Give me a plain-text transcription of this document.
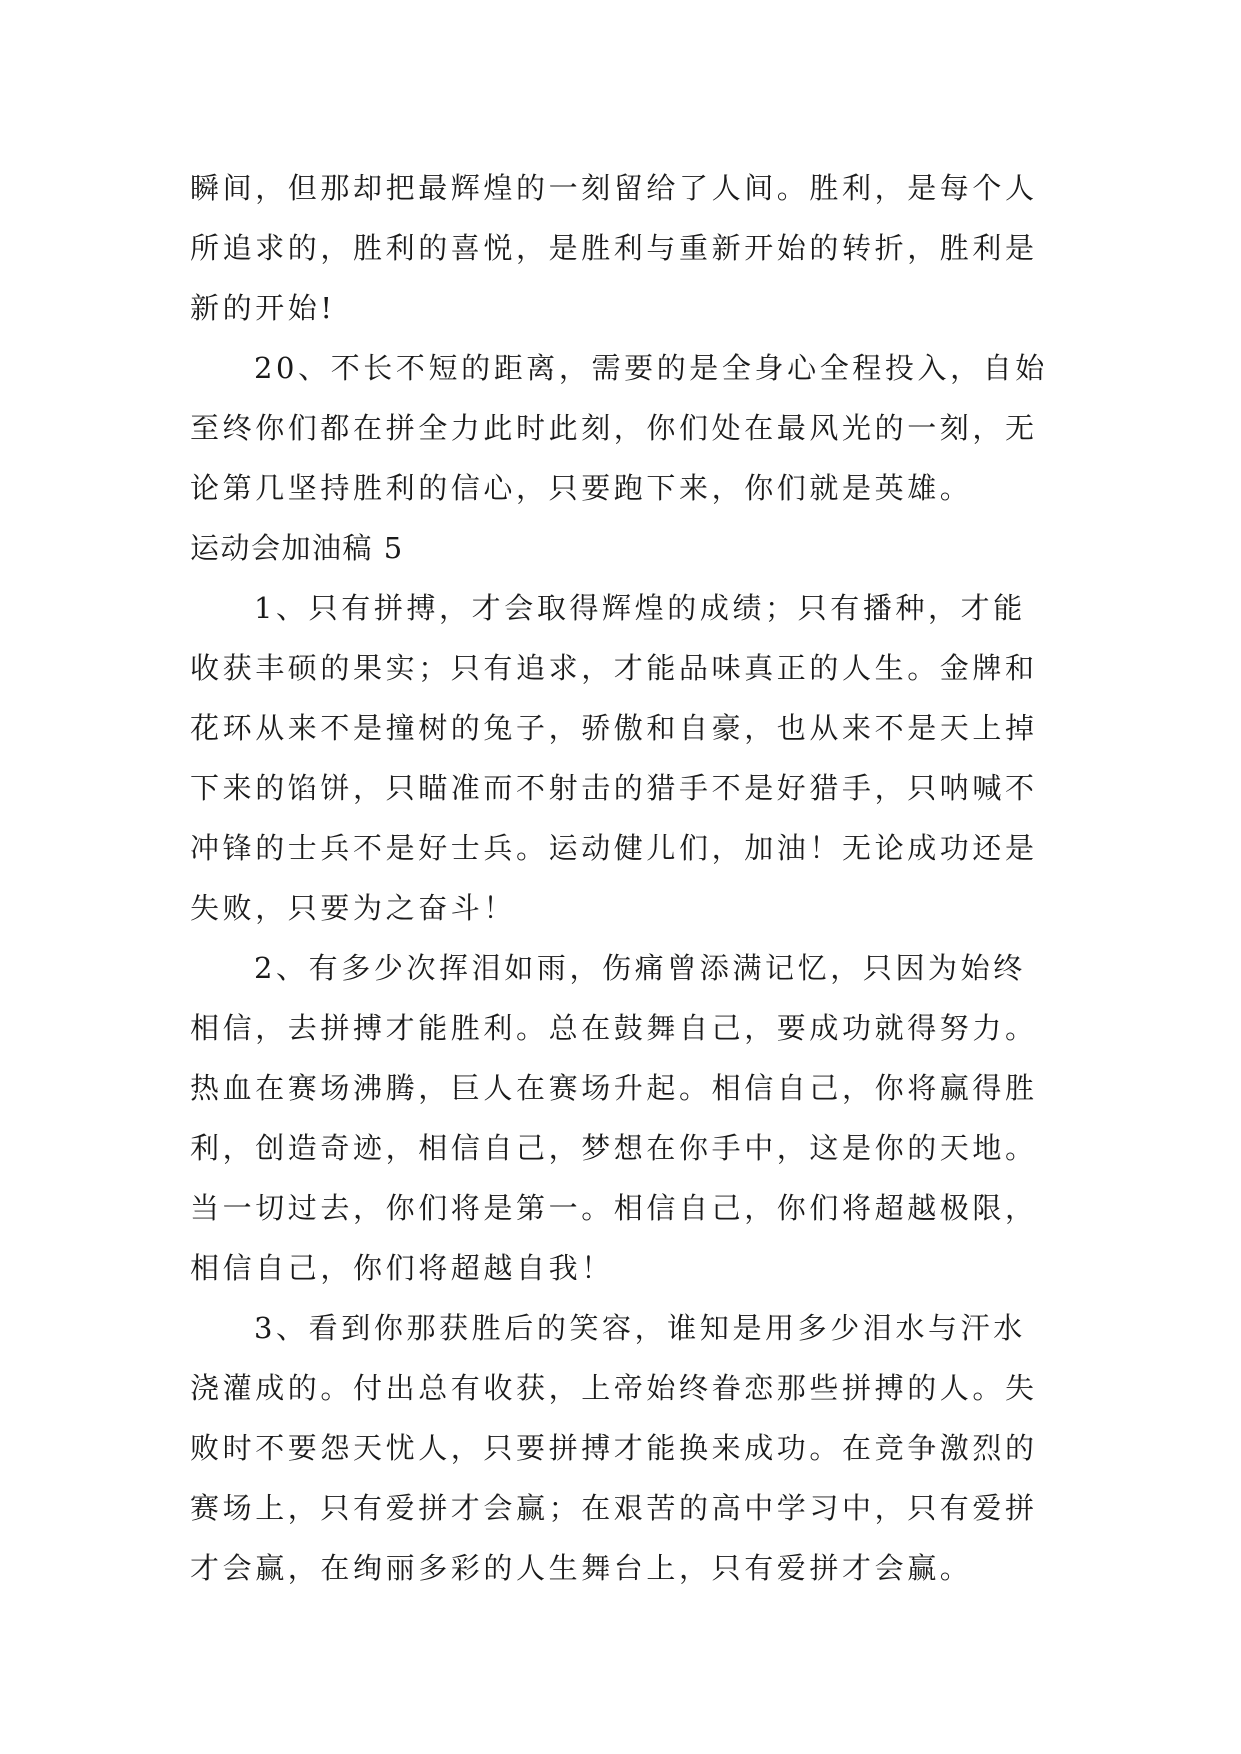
瞬间，但那却把最辉煌的一刻留给了人间。胜利，是每个人
所追求的，胜利的喜悦，是胜利与重新开始的转折，胜利是
新的开始!
20、不长不短的距离，需要的是全身心全程投入，自始
至终你们都在拼全力此时此刻，你们处在最风光的一刻，无
论第几坚持胜利的信心，只要跑下来，你们就是英雄。
运动会加油稿 5
1、只有拼搏，才会取得辉煌的成绩；只有播种，才能
收获丰硕的果实；只有追求，才能品味真正的人生。金牌和
花环从来不是撞树的兔子，骄傲和自豪，也从来不是天上掉
下来的馅饼，只瞄准而不射击的猎手不是好猎手，只呐喊不
冲锋的士兵不是好士兵。运动健儿们，加油！无论成功还是
失败，只要为之奋斗！
2、有多少次挥泪如雨，伤痛曾添满记忆，只因为始终
相信，去拼搏才能胜利。总在鼓舞自己，要成功就得努力。
热血在赛场沸腾，巨人在赛场升起。相信自己，你将赢得胜
利，创造奇迹，相信自己，梦想在你手中，这是你的天地。
当一切过去，你们将是第一。相信自己，你们将超越极限，
相信自己，你们将超越自我！
3、看到你那获胜后的笑容，谁知是用多少泪水与汗水
浇灌成的。付出总有收获，上帝始终眷恋那些拼搏的人。失
败时不要怨天忧人，只要拼搏才能换来成功。在竞争激烈的
赛场上，只有爱拼才会赢；在艰苦的高中学习中，只有爱拼
才会赢，在绚丽多彩的人生舞台上，只有爱拼才会赢。
